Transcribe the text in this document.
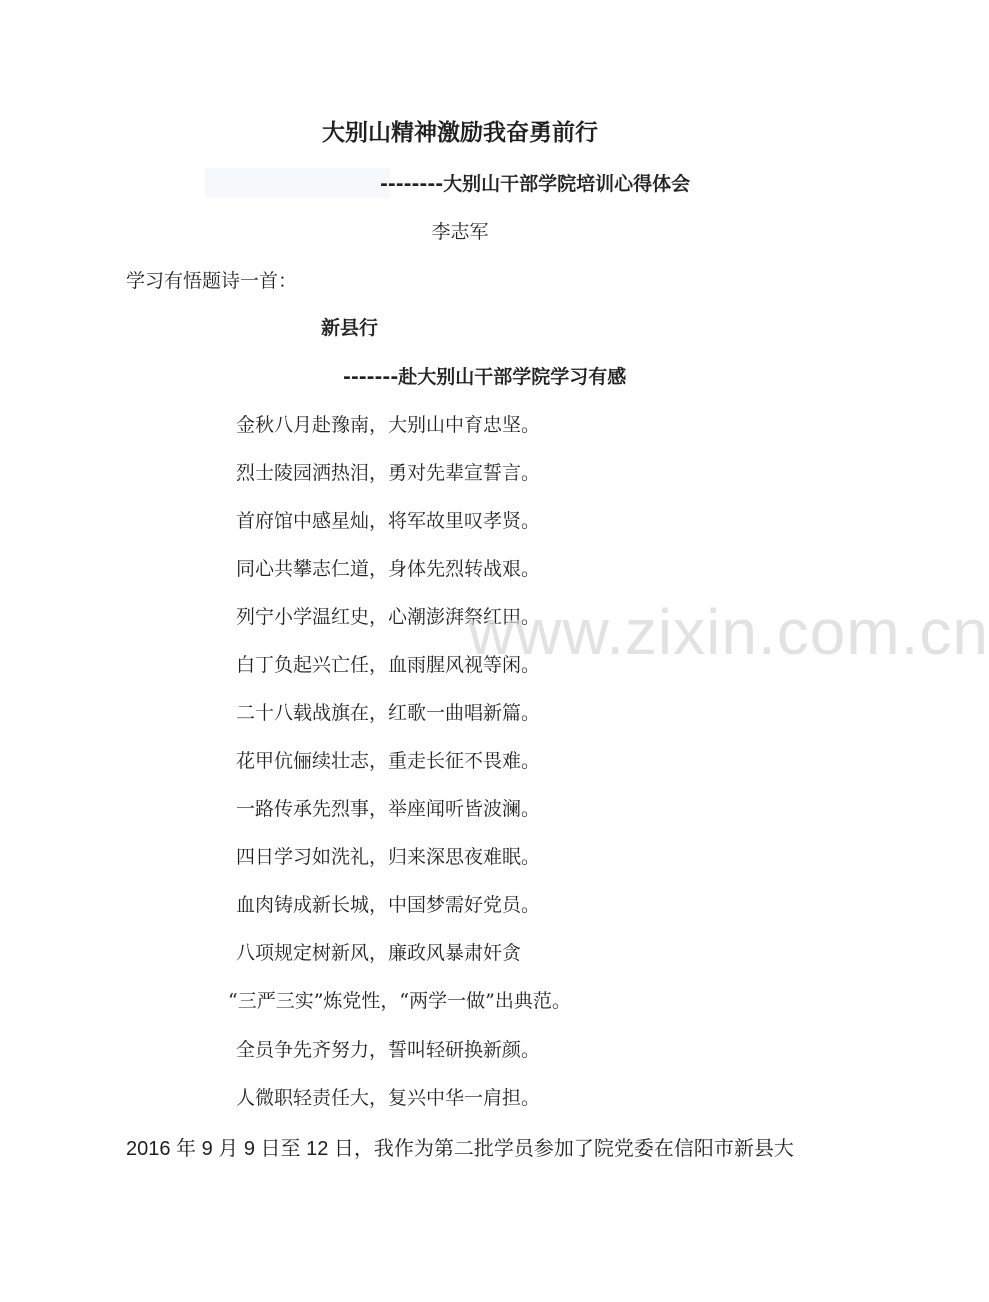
大别山精神激励我奋勇前行
--------大别山干部学院培训心得体会
李志军
学习有悟题诗一首：
新县行
-------赴大别山干部学院学习有感
金秋八月赴豫南，大别山中育忠坚。
烈士陵园洒热泪，勇对先辈宣誓言。
首府馆中感星灿，将军故里叹孝贤。
同心共攀志仁道，身体先烈转战艰。
列宁小学温红史，心潮澎湃祭红田。
白丁负起兴亡任，血雨腥风视等闲。
二十八载战旗在，红歌一曲唱新篇。
花甲伉俪续壮志，重走长征不畏难。
一路传承先烈事，举座闻听皆波澜。
四日学习如洗礼，归来深思夜难眠。
血肉铸成新长城，中国梦需好党员。
八项规定树新风，廉政风暴肃奸贪
“三严三实”炼党性，“两学一做”出典范。
全员争先齐努力，誓叫轻研换新颜。
人微职轻责任大，复兴中华一肩担。
2016 年 9 月 9 日至 12 日，我作为第二批学员参加了院党委在信阳市新县大
www.zixin.com.cn
